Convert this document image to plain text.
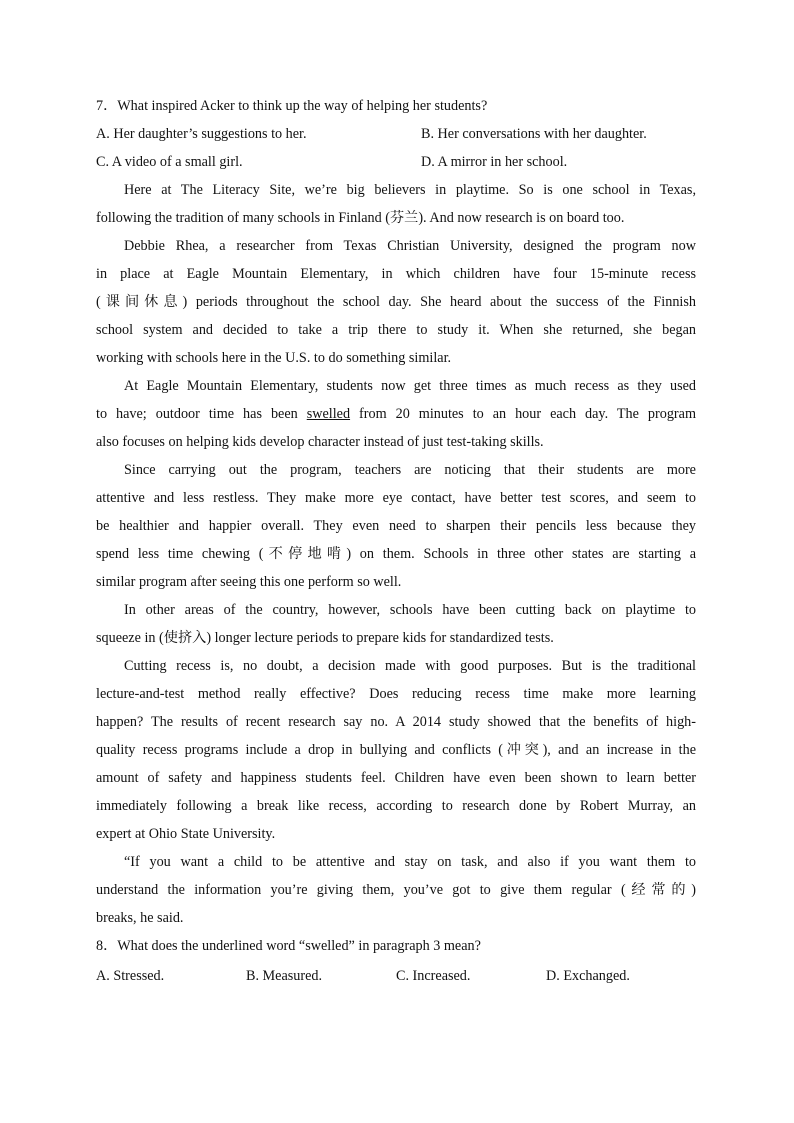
7．What inspired Acker to think up the way of helping her students?
A. Her daughter’s suggestions to her.	B. Her conversations with her daughter.
C. A video of a small girl.	D. A mirror in her school.
Here at The Literacy Site, we’re big believers in playtime. So is one school in Texas,
following the tradition of many schools in Finland (芬兰). And now research is on board too.
Debbie Rhea, a researcher from Texas Christian University, designed the program now
in place at Eagle Mountain Elementary, in which children have four 15-minute recess
(课间休息) periods throughout the school day. She heard about the success of the Finnish
school system and decided to take a trip there to study it. When she returned, she began
working with schools here in the U.S. to do something similar.
At Eagle Mountain Elementary, students now get three times as much recess as they used
to have; outdoor time has been swelled from 20 minutes to an hour each day. The program
also focuses on helping kids develop character instead of just test-taking skills.
Since carrying out the program, teachers are noticing that their students are more
attentive and less restless. They make more eye contact, have better test scores, and seem to
be healthier and happier overall. They even need to sharpen their pencils less because they
spend less time chewing (不停地啃) on them. Schools in three other states are starting a
similar program after seeing this one perform so well.
In other areas of the country, however, schools have been cutting back on playtime to
squeeze in (使挤入) longer lecture periods to prepare kids for standardized tests.
Cutting recess is, no doubt, a decision made with good purposes. But is the traditional
lecture-and-test method really effective? Does reducing recess time make more learning
happen? The results of recent research say no. A 2014 study showed that the benefits of high-
quality recess programs include a drop in bullying and conflicts (冲突), and an increase in the
amount of safety and happiness students feel. Children have even been shown to learn better
immediately following a break like recess, according to research done by Robert Murray, an
expert at Ohio State University.
“If you want a child to be attentive and stay on task, and also if you want them to
understand the information you’re giving them, you’ve got to give them regular (经常的)
breaks, he said.
8．What does the underlined word “swelled” in paragraph 3 mean?
A. Stressed.	B. Measured.	C. Increased.	D. Exchanged.
